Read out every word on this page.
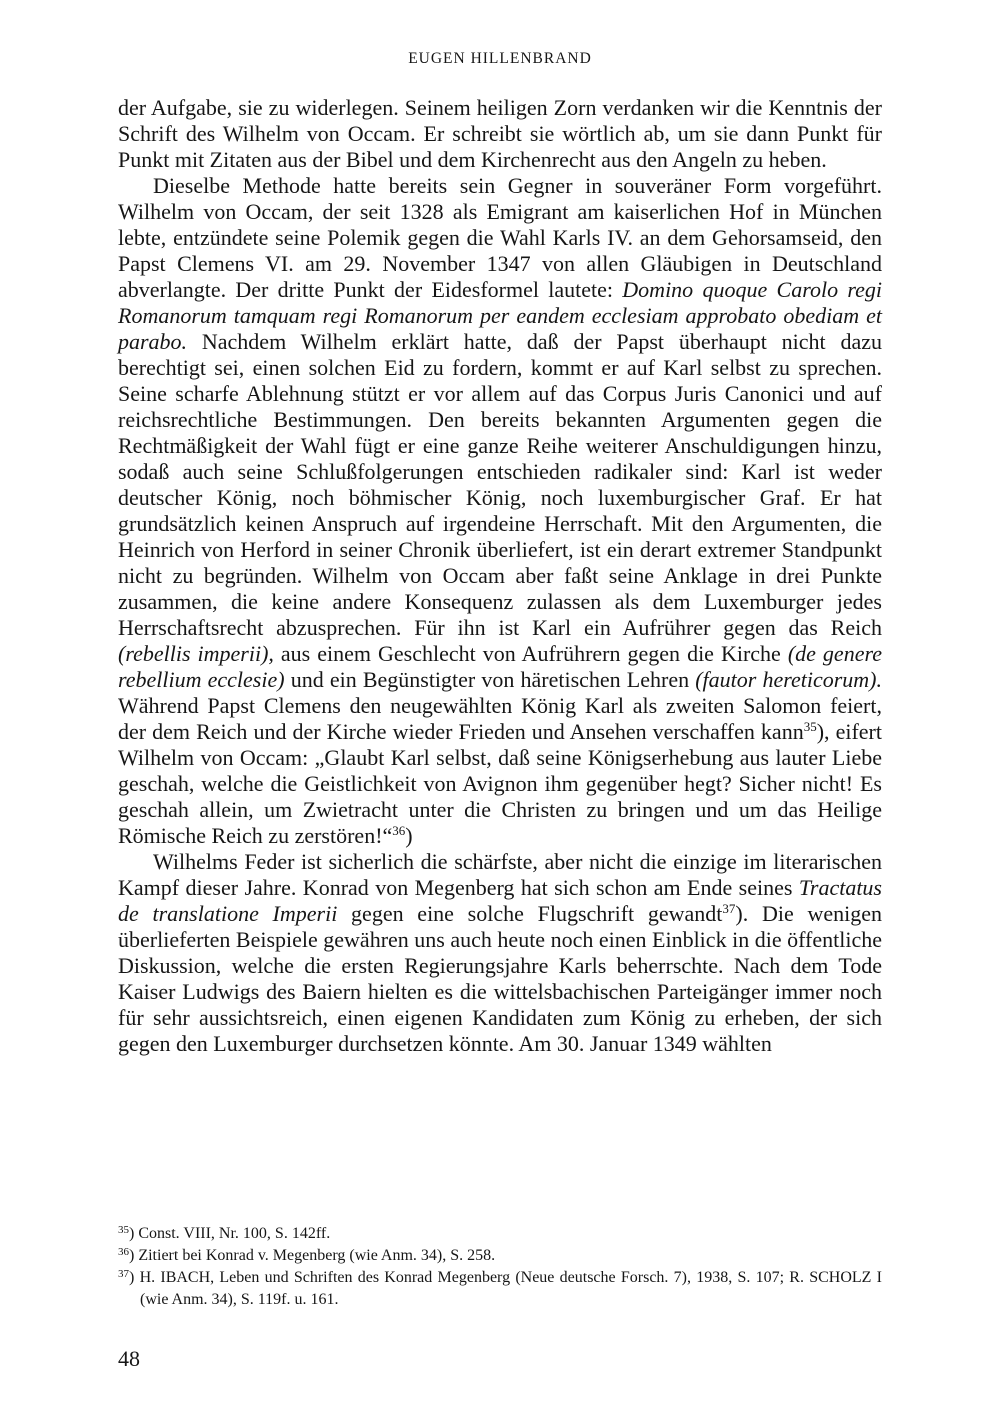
EUGEN HILLENBRAND

der Aufgabe, sie zu widerlegen. Seinem heiligen Zorn verdanken wir die Kenntnis der Schrift des Wilhelm von Occam. Er schreibt sie wörtlich ab, um sie dann Punkt für Punkt mit Zitaten aus der Bibel und dem Kirchenrecht aus den Angeln zu heben.

Dieselbe Methode hatte bereits sein Gegner in souveräner Form vorgeführt. Wilhelm von Occam, der seit 1328 als Emigrant am kaiserlichen Hof in München lebte, entzündete seine Polemik gegen die Wahl Karls IV. an dem Gehorsamseid, den Papst Clemens VI. am 29. November 1347 von allen Gläubigen in Deutschland abverlangte. Der dritte Punkt der Eidesformel lautete: Domino quoque Carolo regi Romanorum tamquam regi Romanorum per eandem ecclesiam approbato obediam et parabo. Nachdem Wilhelm erklärt hatte, daß der Papst überhaupt nicht dazu berechtigt sei, einen solchen Eid zu fordern, kommt er auf Karl selbst zu sprechen. Seine scharfe Ablehnung stützt er vor allem auf das Corpus Juris Canonici und auf reichsrechtliche Bestimmungen. Den bereits bekannten Argumenten gegen die Rechtmäßigkeit der Wahl fügt er eine ganze Reihe weiterer Anschuldigungen hinzu, sodaß auch seine Schlußfolgerungen entschieden radikaler sind: Karl ist weder deutscher König, noch böhmischer König, noch luxemburgischer Graf. Er hat grundsätzlich keinen Anspruch auf irgendeine Herrschaft. Mit den Argumenten, die Heinrich von Herford in seiner Chronik überliefert, ist ein derart extremer Standpunkt nicht zu begründen. Wilhelm von Occam aber faßt seine Anklage in drei Punkte zusammen, die keine andere Konsequenz zulassen als dem Luxemburger jedes Herrschaftsrecht abzusprechen. Für ihn ist Karl ein Aufrührer gegen das Reich (rebellis imperii), aus einem Geschlecht von Aufrührern gegen die Kirche (de genere rebellium ecclesie) und ein Begünstigter von häretischen Lehren (fautor hereticorum). Während Papst Clemens den neugewählten König Karl als zweiten Salomon feiert, der dem Reich und der Kirche wieder Frieden und Ansehen verschaffen kann$^{35}$), eifert Wilhelm von Occam: „Glaubt Karl selbst, daß seine Königserhebung aus lauter Liebe geschah, welche die Geistlichkeit von Avignon ihm gegenüber hegt? Sicher nicht! Es geschah allein, um Zwietracht unter die Christen zu bringen und um das Heilige Römische Reich zu zerstören!“$^{36}$)

Wilhelms Feder ist sicherlich die schärfste, aber nicht die einzige im literarischen Kampf dieser Jahre. Konrad von Megenberg hat sich schon am Ende seines Tractatus de translatione Imperii gegen eine solche Flugschrift gewandt$^{37}$). Die wenigen überlieferten Beispiele gewähren uns auch heute noch einen Einblick in die öffentliche Diskussion, welche die ersten Regierungsjahre Karls beherrschte. Nach dem Tode Kaiser Ludwigs des Baiern hielten es die wittelsbachischen Parteigänger immer noch für sehr aussichtsreich, einen eigenen Kandidaten zum König zu erheben, der sich gegen den Luxemburger durchsetzen könnte. Am 30. Januar 1349 wählten

$^{35}$) Const. VIII, Nr. 100, S. 142ff.

$^{36}$) Zitiert bei Konrad v. Megenberg (wie Anm. 34), S. 258.

$^{37}$) H. IBACH, Leben und Schriften des Konrad Megenberg (Neue deutsche Forsch. 7), 1938, S. 107; R. SCHOLZ I (wie Anm. 34), S. 119f. u. 161.

48
